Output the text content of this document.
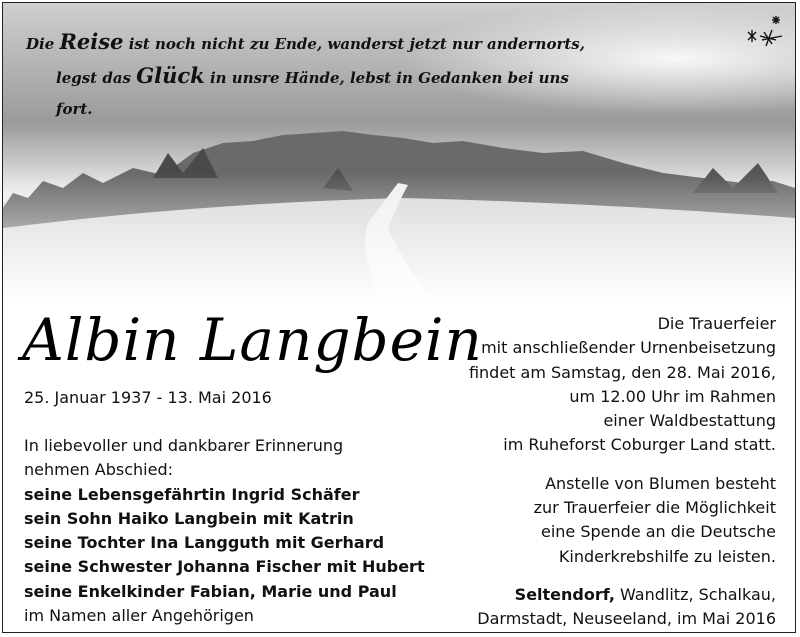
Die Reise ist noch nicht zu Ende, wanderst jetzt nur andernorts,
legst das Glück in unsre Hände, lebst in Gedanken bei uns fort.
Albin Langbein
25. Januar 1937 - 13. Mai 2016
In liebevoller und dankbarer Erinnerung
nehmen Abschied:
seine Lebensgefährtin Ingrid Schäfer
sein Sohn Haiko Langbein mit Katrin
seine Tochter Ina Langguth mit Gerhard
seine Schwester Johanna Fischer mit Hubert
seine Enkelkinder Fabian, Marie und Paul
im Namen aller Angehörigen
Die Trauerfeier
mit anschließender Urnenbeisetzung
findet am Samstag, den 28. Mai 2016,
um 12.00 Uhr im Rahmen
einer Waldbestattung
im Ruheforst Coburger Land statt.
Anstelle von Blumen besteht
zur Trauerfeier die Möglichkeit
eine Spende an die Deutsche
Kinderkrebshilfe zu leisten.
Seltendorf, Wandlitz, Schalkau,
Darmstadt, Neuseeland, im Mai 2016
